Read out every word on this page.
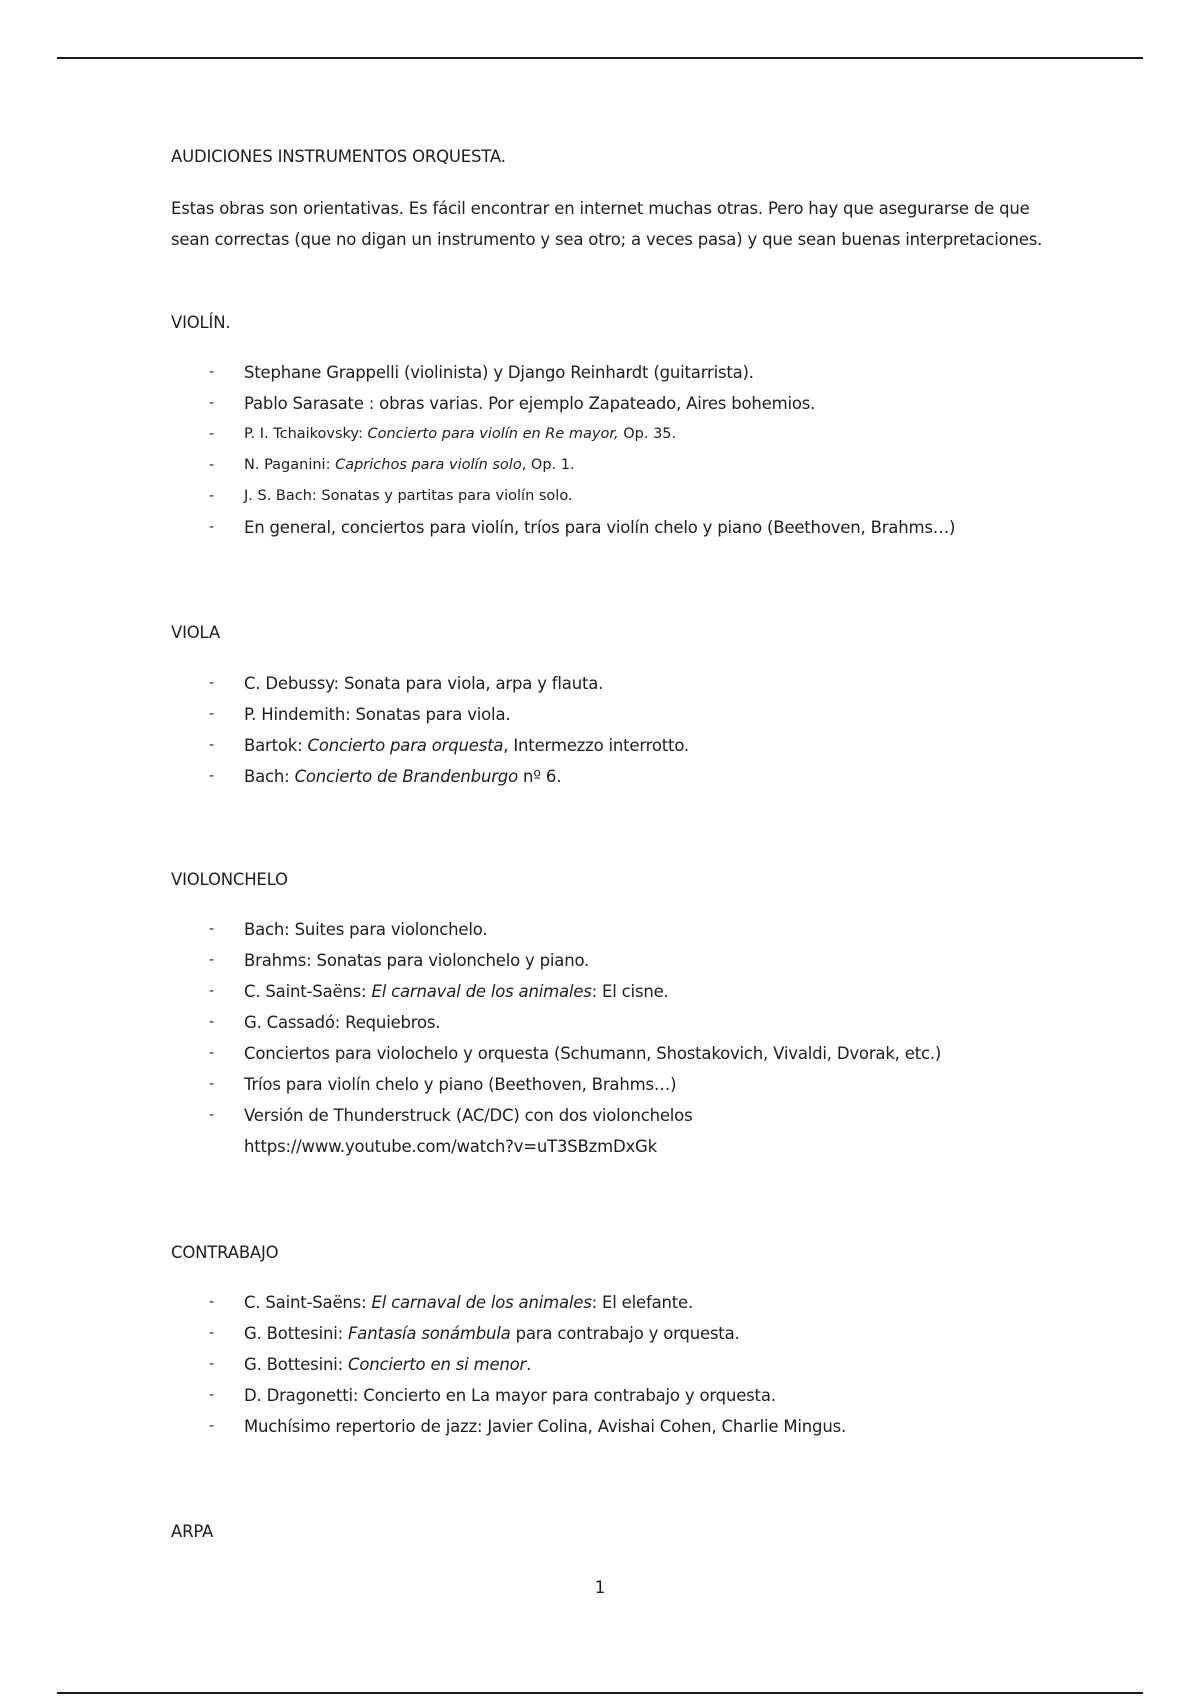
AUDICIONES INSTRUMENTOS ORQUESTA.
Estas obras son orientativas. Es fácil encontrar en internet muchas otras. Pero hay que asegurarse de que sean correctas (que no digan un instrumento y sea otro; a veces pasa) y que sean buenas interpretaciones.
VIOLÍN.
- Stephane Grappelli (violinista) y Django Reinhardt (guitarrista).
- Pablo Sarasate : obras varias. Por ejemplo Zapateado, Aires bohemios.
- P. I. Tchaikovsky: Concierto para violín en Re mayor, Op. 35.
- N. Paganini: Caprichos para violín solo, Op. 1.
- J. S. Bach: Sonatas y partitas para violín solo.
- En general, conciertos para violín, tríos para violín chelo y piano (Beethoven, Brahms…)
VIOLA
- C. Debussy: Sonata para viola, arpa y flauta.
- P. Hindemith: Sonatas para viola.
- Bartok: Concierto para orquesta, Intermezzo interrotto.
- Bach: Concierto de Brandenburgo nº 6.
VIOLONCHELO
- Bach: Suites para violonchelo.
- Brahms: Sonatas para violonchelo y piano.
- C. Saint-Saëns: El carnaval de los animales: El cisne.
- G. Cassadó: Requiebros.
- Conciertos para violochelo y orquesta (Schumann, Shostakovich, Vivaldi, Dvorak, etc.)
- Tríos para violín chelo y piano (Beethoven, Brahms…)
- Versión de Thunderstruck (AC/DC) con dos violonchelos
https://www.youtube.com/watch?v=uT3SBzmDxGk
CONTRABAJO
- C. Saint-Saëns: El carnaval de los animales: El elefante.
- G. Bottesini: Fantasía sonámbula para contrabajo y orquesta.
- G. Bottesini: Concierto en si menor.
- D. Dragonetti: Concierto en La mayor para contrabajo y orquesta.
- Muchísimo repertorio de jazz: Javier Colina, Avishai Cohen, Charlie Mingus.
ARPA
1
